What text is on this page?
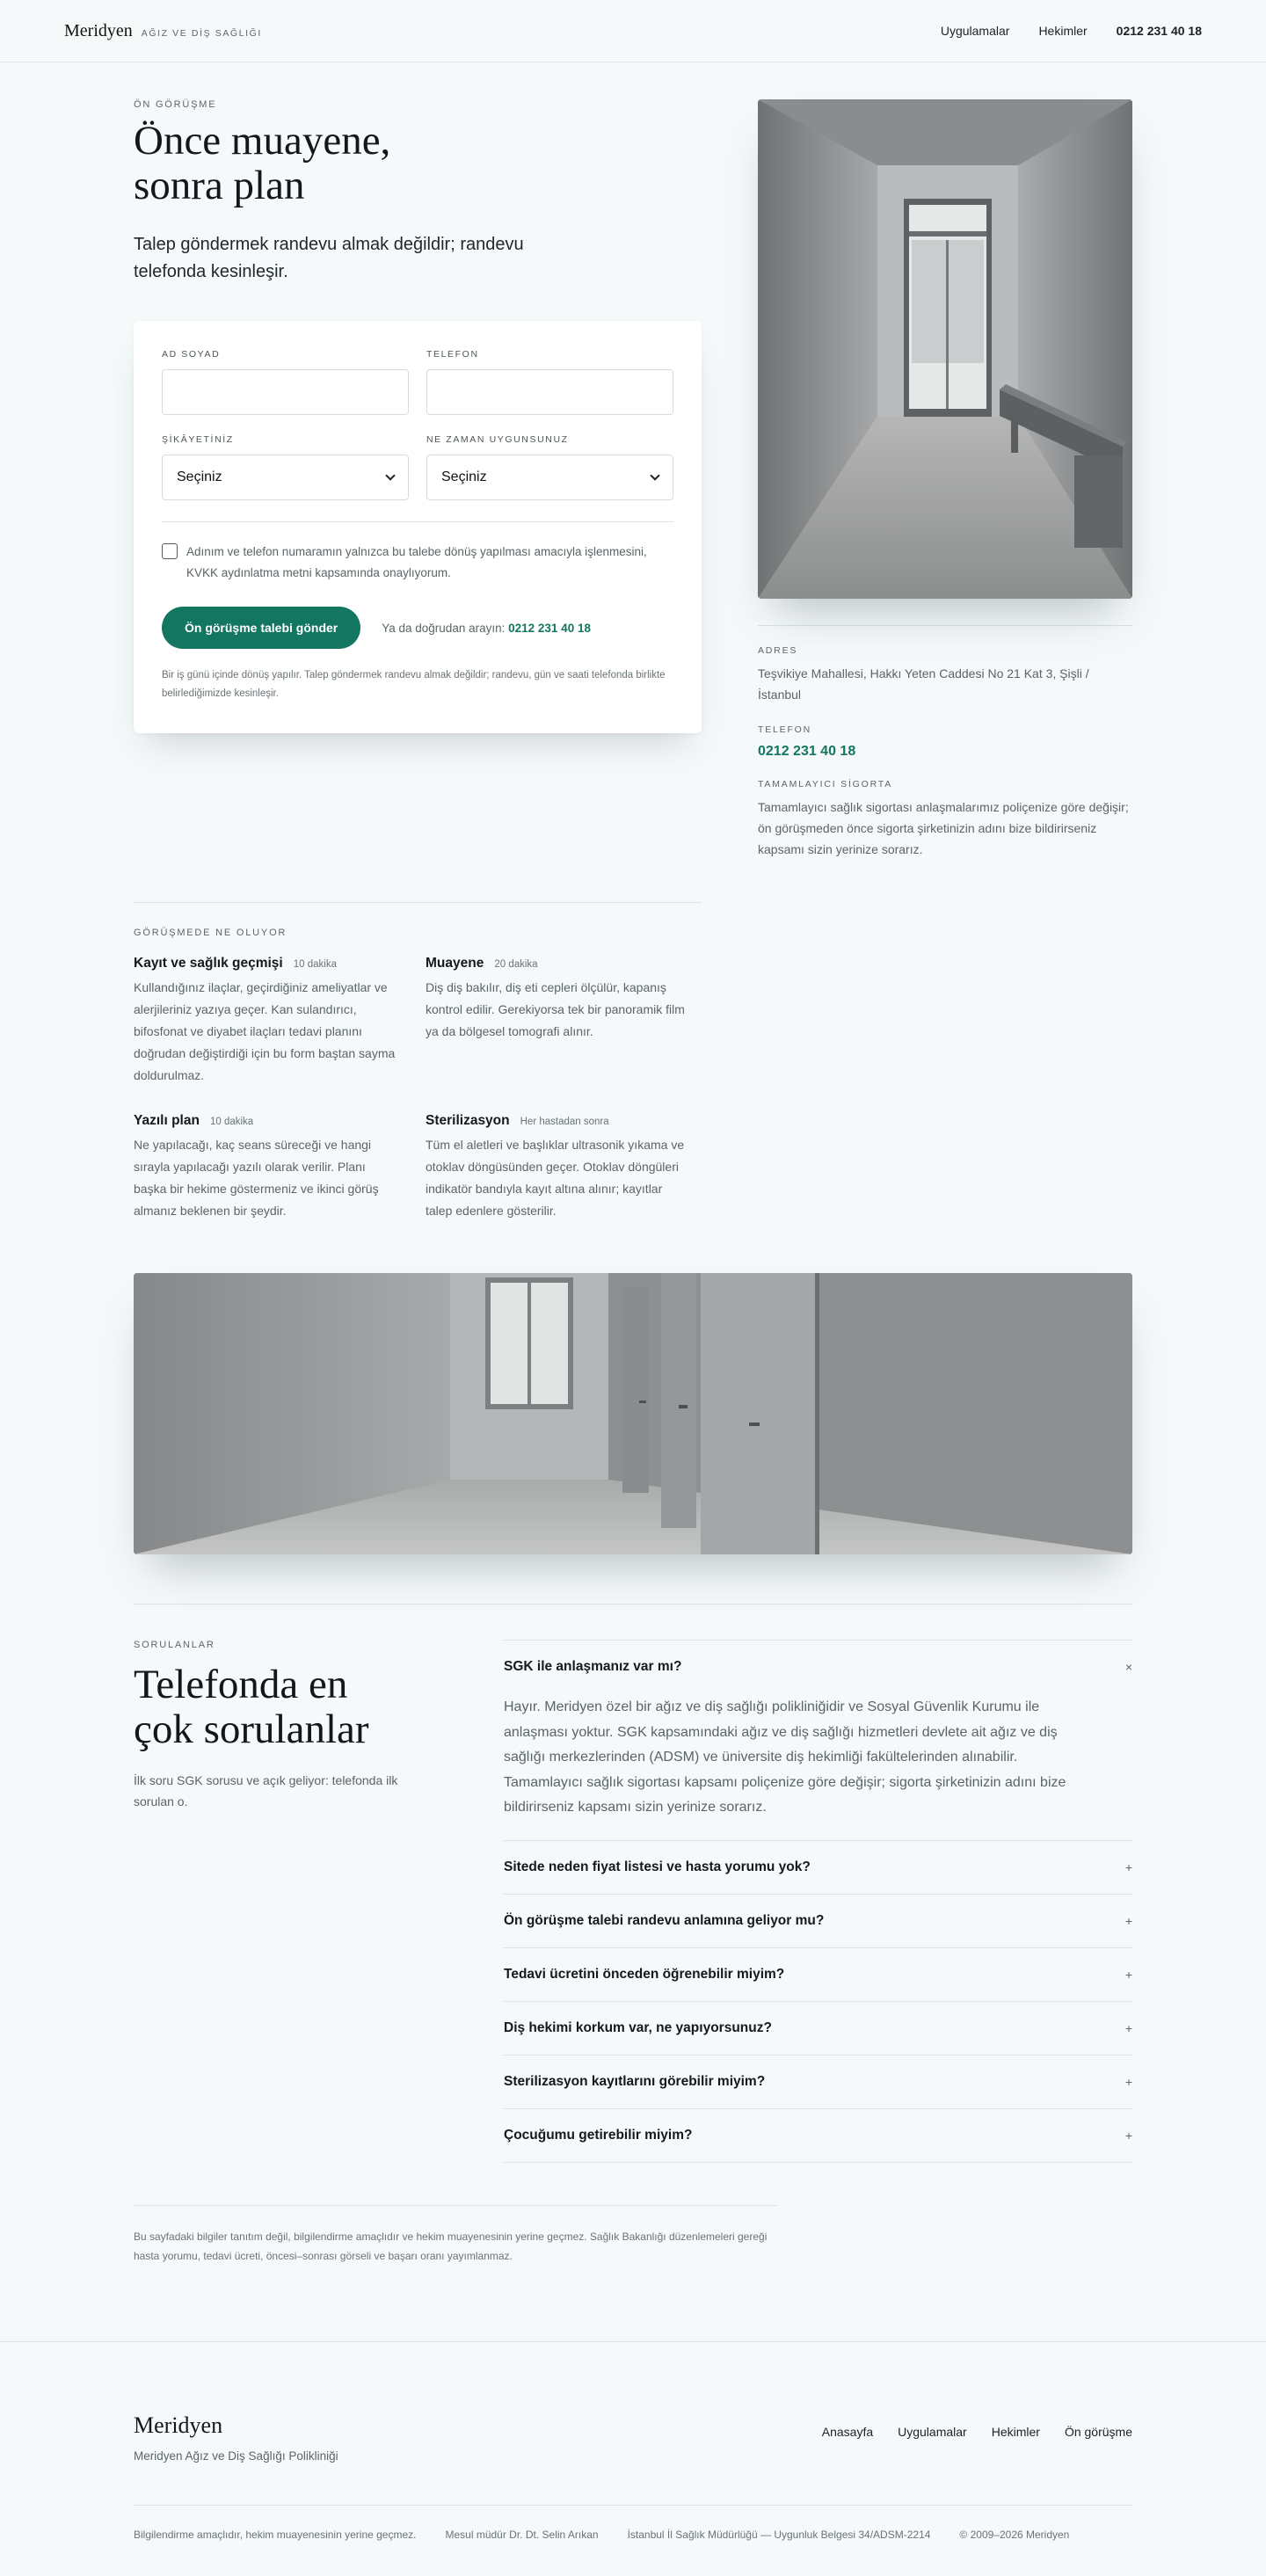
Meridyen AĞIZ VE DİŞ SAĞLIĞI	Uygulamalar Hekimler 0212 231 40 18
ÖN GÖRÜŞME
Önce muayene,
sonra plan

Talep göndermek randevu almak değildir; randevu telefonda kesinleşir.

AD SOYAD	TELEFON
ŞİKÂYETİNİZ
Seçiniz
NE ZAMAN UYGUNSUNUZ
Seçiniz
Adınım ve telefon numaramın yalnızca bu talebe dönüş yapılması amacıyla işlenmesini, KVKK aydınlatma metni kapsamında onaylıyorum.
Ön görüşme talebi gönder	Ya da doğrudan arayın: 0212 231 40 18

Bir iş günü içinde dönüş yapılır. Talep göndermek randevu almak değildir; randevu, gün ve saati telefonda birlikte belirlediğimizde kesinleşir.

ADRES
Teşvikiye Mahallesi, Hakkı Yeten Caddesi No 21 Kat 3, Şişli / İstanbul
TELEFON
0212 231 40 18
TAMAMLAYICI SİGORTA
Tamamlayıcı sağlık sigortası anlaşmalarımız poliçenize göre değişir; ön görüşmeden önce sigorta şirketinizin adını bize bildirirseniz kapsamı sizin yerinize sorarız.
GÖRÜŞMEDE NE OLUYOR
Kayıt ve sağlık geçmişi 10 dakika

Kullandığınız ilaçlar, geçirdiğiniz ameliyatlar ve alerjileriniz yazıya geçer. Kan sulandırıcı, bifosfonat ve diyabet ilaçları tedavi planını doğrudan değiştirdiği için bu form baştan sayma doldurulmaz.

Muayene 20 dakika

Diş diş bakılır, diş eti cepleri ölçülür, kapanış kontrol edilir. Gerekiyorsa tek bir panoramik film ya da bölgesel tomografi alınır.

Yazılı plan 10 dakika

Ne yapılacağı, kaç seans süreceği ve hangi sırayla yapılacağı yazılı olarak verilir. Planı başka bir hekime göstermeniz ve ikinci görüş almanız beklenen bir şeydir.

Sterilizasyon Her hastadan sonra

Tüm el aletleri ve başlıklar ultrasonik yıkama ve otoklav döngüsünden geçer. Otoklav döngüleri indikatör bandıyla kayıt altına alınır; kayıtlar talep edenlere gösterilir.

SORULANLAR
Telefonda en
çok sorulanlar

İlk soru SGK sorusu ve açık geliyor: telefonda ilk sorulan o.

SGK ile anlaşmanız var mı?	×

Hayır. Meridyen özel bir ağız ve diş sağlığı polikliniğidir ve Sosyal Güvenlik Kurumu ile anlaşması yoktur. SGK kapsamındaki ağız ve diş sağlığı hizmetleri devlete ait ağız ve diş sağlığı merkezlerinden (ADSM) ve üniversite diş hekimliği fakültelerinden alınabilir. Tamamlayıcı sağlık sigortası kapsamı poliçenize göre değişir; sigorta şirketinizin adını bize bildirirseniz kapsamı sizin yerinize sorarız.

Sitede neden fiyat listesi ve hasta yorumu yok?	+
Ön görüşme talebi randevu anlamına geliyor mu?	+
Tedavi ücretini önceden öğrenebilir miyim?	+
Diş hekimi korkum var, ne yapıyorsunuz?	+
Sterilizasyon kayıtlarını görebilir miyim?	+
Çocuğumu getirebilir miyim?	+

Bu sayfadaki bilgiler tanıtım değil, bilgilendirme amaçlıdır ve hekim muayenesinin yerine geçmez. Sağlık Bakanlığı düzenlemeleri gereği hasta yorumu, tedavi ücreti, öncesi–sonrası görseli ve başarı oranı yayımlanmaz.

Meridyen
Meridyen Ağız ve Diş Sağlığı Polikliniği
Anasayfa Uygulamalar Hekimler Ön görüşme
Bilgilendirme amaçlıdır, hekim muayenesinin yerine geçmez.	Mesul müdür Dr. Dt. Selin Arıkan	İstanbul İl Sağlık Müdürlüğü — Uygunluk Belgesi 34/ADSM-2214	© 2009–2026 Meridyen
